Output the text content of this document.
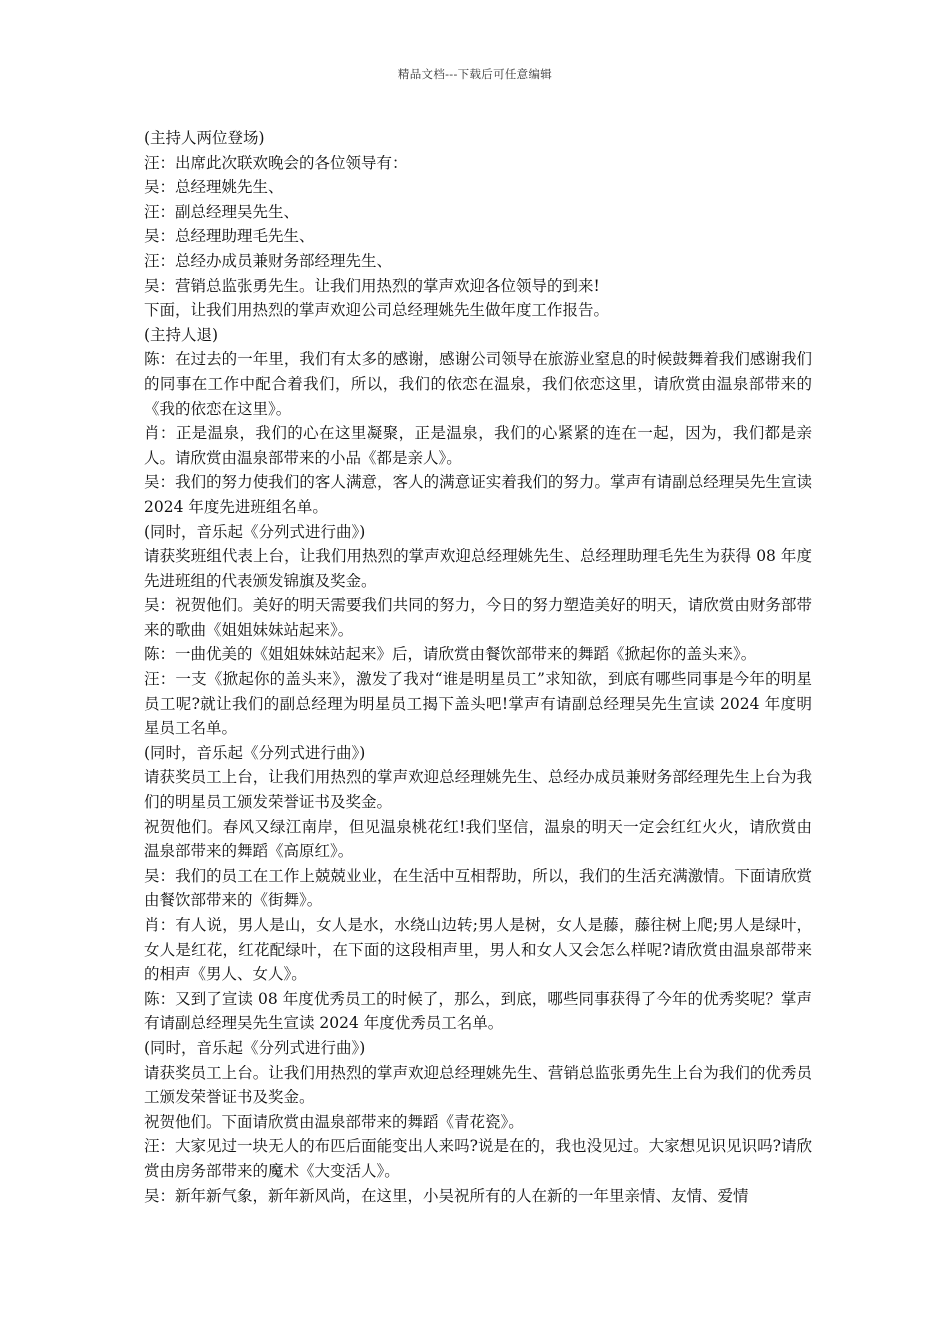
精品文档---下载后可任意编辑

(主持人两位登场)

汪：出席此次联欢晚会的各位领导有：

吴：总经理姚先生、

汪：副总经理吴先生、

吴：总经理助理毛先生、

汪：总经办成员兼财务部经理先生、

吴：营销总监张勇先生。让我们用热烈的掌声欢迎各位领导的到来!

下面，让我们用热烈的掌声欢迎公司总经理姚先生做年度工作报告。

(主持人退)

陈：在过去的一年里，我们有太多的感谢，感谢公司领导在旅游业窒息的时候鼓舞着我们感谢我们的同事在工作中配合着我们，所以，我们的依恋在温泉，我们依恋这里，请欣赏由温泉部带来的《我的依恋在这里》。

肖：正是温泉，我们的心在这里凝聚，正是温泉，我们的心紧紧的连在一起，因为，我们都是亲人。请欣赏由温泉部带来的小品《都是亲人》。

吴：我们的努力使我们的客人满意，客人的满意证实着我们的努力。掌声有请副总经理吴先生宣读 2024 年度先进班组名单。

(同时，音乐起《分列式进行曲》)

请获奖班组代表上台，让我们用热烈的掌声欢迎总经理姚先生、总经理助理毛先生为获得 08 年度先进班组的代表颁发锦旗及奖金。

吴：祝贺他们。美好的明天需要我们共同的努力，今日的努力塑造美好的明天，请欣赏由财务部带来的歌曲《姐姐妹妹站起来》。

陈：一曲优美的《姐姐妹妹站起来》后，请欣赏由餐饮部带来的舞蹈《掀起你的盖头来》。

汪：一支《掀起你的盖头来》，激发了我对“谁是明星员工”求知欲，到底有哪些同事是今年的明星员工呢?就让我们的副总经理为明星员工揭下盖头吧!掌声有请副总经理吴先生宣读 2024 年度明星员工名单。

(同时，音乐起《分列式进行曲》)

请获奖员工上台，让我们用热烈的掌声欢迎总经理姚先生、总经办成员兼财务部经理先生上台为我们的明星员工颁发荣誉证书及奖金。

祝贺他们。春风又绿江南岸，但见温泉桃花红!我们坚信，温泉的明天一定会红红火火，请欣赏由温泉部带来的舞蹈《高原红》。

吴：我们的员工在工作上兢兢业业，在生活中互相帮助，所以，我们的生活充满激情。下面请欣赏由餐饮部带来的《街舞》。

肖：有人说，男人是山，女人是水，水绕山边转;男人是树，女人是藤，藤往树上爬;男人是绿叶，女人是红花，红花配绿叶，在下面的这段相声里，男人和女人又会怎么样呢?请欣赏由温泉部带来的相声《男人、女人》。

陈：又到了宣读 08 年度优秀员工的时候了，那么，到底，哪些同事获得了今年的优秀奖呢？掌声有请副总经理吴先生宣读 2024 年度优秀员工名单。

(同时，音乐起《分列式进行曲》)

请获奖员工上台。让我们用热烈的掌声欢迎总经理姚先生、营销总监张勇先生上台为我们的优秀员工颁发荣誉证书及奖金。

祝贺他们。下面请欣赏由温泉部带来的舞蹈《青花瓷》。

汪：大家见过一块无人的布匹后面能变出人来吗?说是在的，我也没见过。大家想见识见识吗?请欣赏由房务部带来的魔术《大变活人》。

吴：新年新气象，新年新风尚，在这里，小吴祝所有的人在新的一年里亲情、友情、爱情
